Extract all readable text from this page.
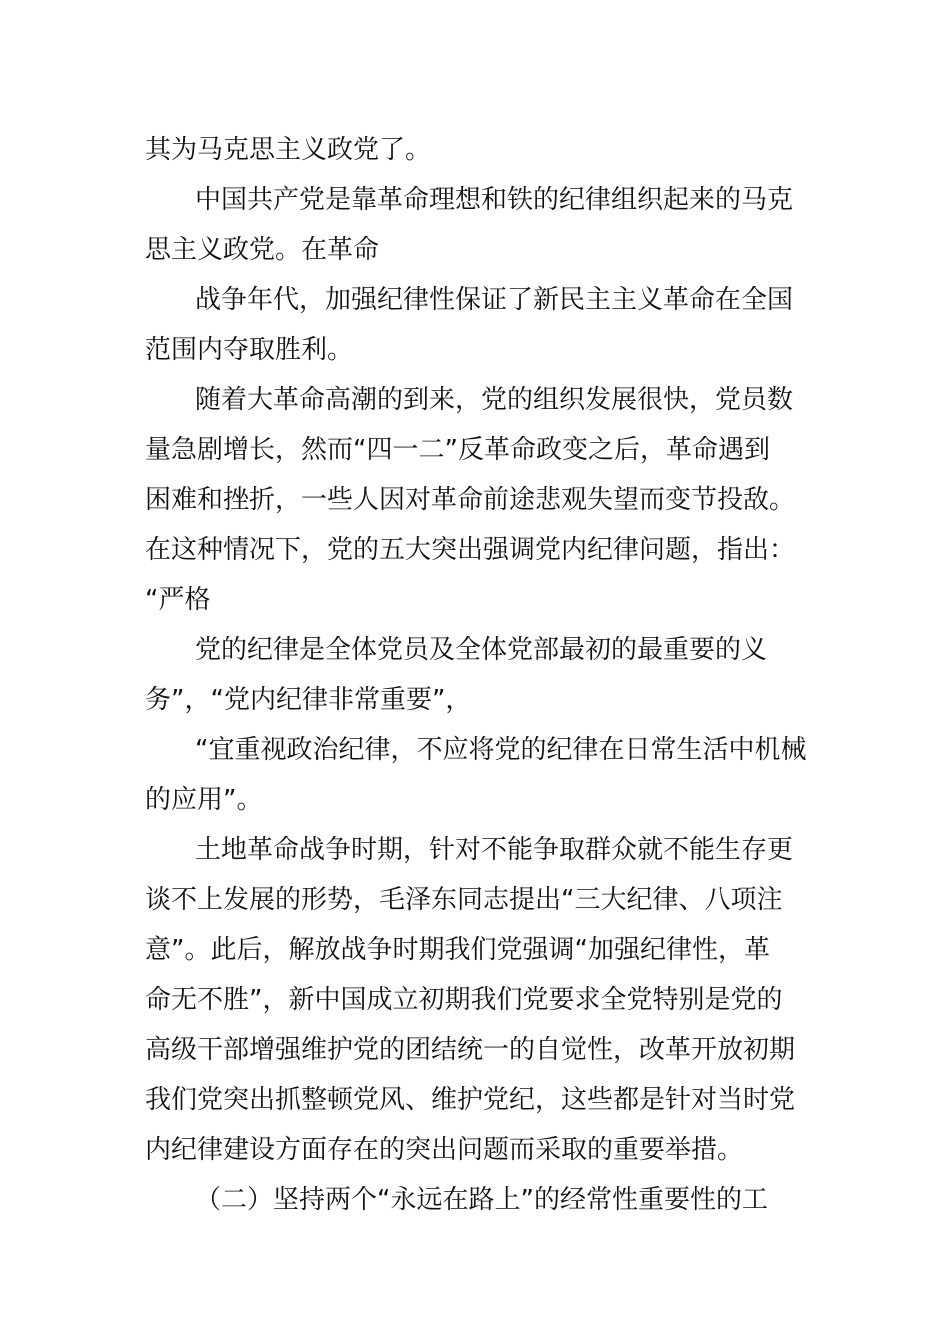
其为马克思主义政党了。
中国共产党是靠革命理想和铁的纪律组织起来的马克
思主义政党。在革命
战争年代，加强纪律性保证了新民主主义革命在全国
范围内夺取胜利。
随着大革命高潮的到来，党的组织发展很快，党员数
量急剧增长，然而“四一二”反革命政变之后，革命遇到
困难和挫折，一些人因对革命前途悲观失望而变节投敌。
在这种情况下，党的五大突出强调党内纪律问题，指出：
“严格
党的纪律是全体党员及全体党部最初的最重要的义
务”，“党内纪律非常重要”，
“宜重视政治纪律，不应将党的纪律在日常生活中机械
的应用”。
土地革命战争时期，针对不能争取群众就不能生存更
谈不上发展的形势，毛泽东同志提出“三大纪律、八项注
意”。此后，解放战争时期我们党强调“加强纪律性，革
命无不胜”，新中国成立初期我们党要求全党特别是党的
高级干部增强维护党的团结统一的自觉性，改革开放初期
我们党突出抓整顿党风、维护党纪，这些都是针对当时党
内纪律建设方面存在的突出问题而采取的重要举措。
（二）坚持两个“永远在路上”的经常性重要性的工
